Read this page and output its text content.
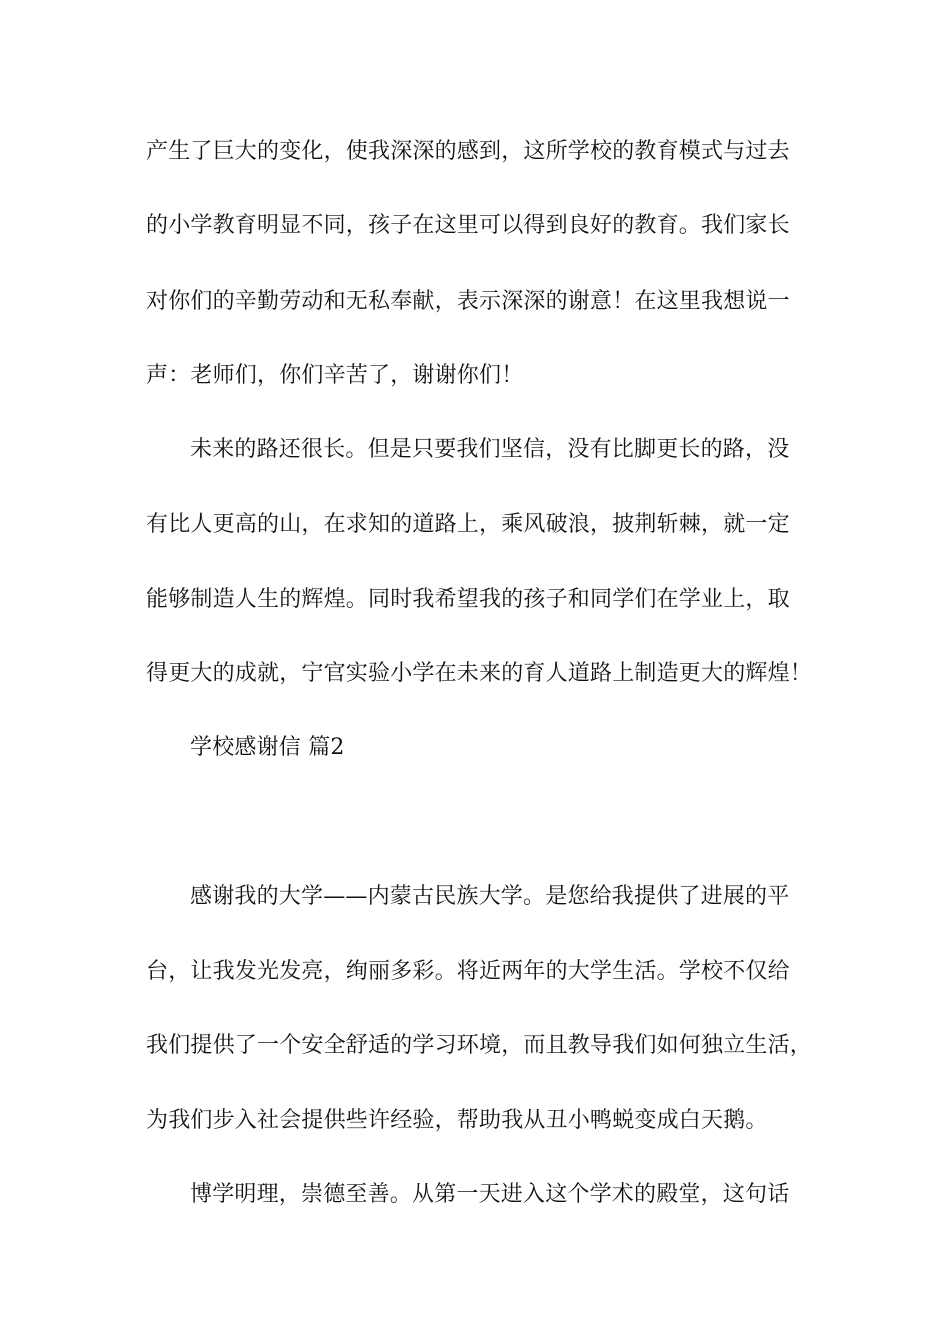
产生了巨大的变化，使我深深的感到，这所学校的教育模式与过去
的小学教育明显不同，孩子在这里可以得到良好的教育。我们家长
对你们的辛勤劳动和无私奉献，表示深深的谢意！在这里我想说一
声：老师们，你们辛苦了，谢谢你们！
未来的路还很长。但是只要我们坚信，没有比脚更长的路，没
有比人更高的山，在求知的道路上，乘风破浪，披荆斩棘，就一定
能够制造人生的辉煌。同时我希望我的孩子和同学们在学业上，取
得更大的成就，宁官实验小学在未来的育人道路上制造更大的辉煌！
学校感谢信 篇2
感谢我的大学——内蒙古民族大学。是您给我提供了进展的平
台，让我发光发亮，绚丽多彩。将近两年的大学生活。学校不仅给
我们提供了一个安全舒适的学习环境，而且教导我们如何独立生活，
为我们步入社会提供些许经验，帮助我从丑小鸭蜕变成白天鹅。
博学明理，崇德至善。从第一天进入这个学术的殿堂，这句话
